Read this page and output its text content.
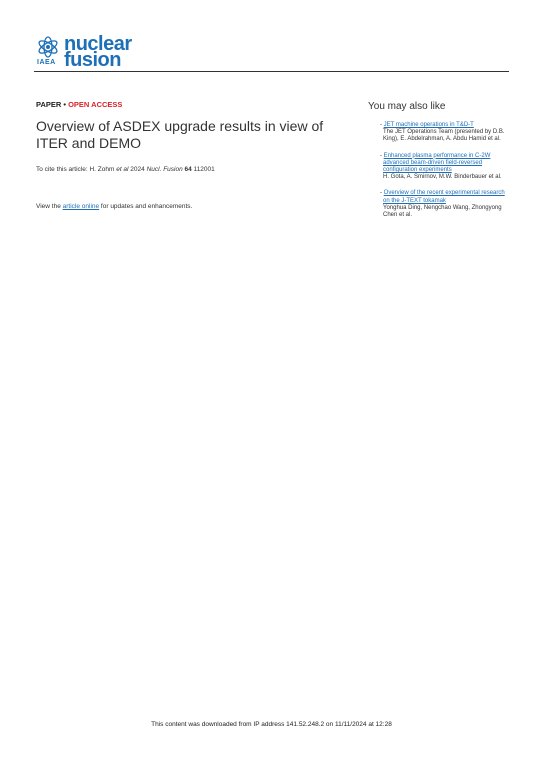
IAEA
nuclear
fusion
PAPER • OPEN ACCESS
Overview of ASDEX upgrade results in view of ITER and DEMO
To cite this article: H. Zohm et al 2024 Nucl. Fusion 64 112001
View the article online for updates and enhancements.
You may also like
- JET machine operations in T&D-T
The JET Operations Team (presented by D.B. King), E. Abdelrahman, A. Abdu Hamid et al.
- Enhanced plasma performance in C-2W advanced beam-driven field-reversed configuration experiments
H. Gota, A. Smirnov, M.W. Binderbauer et al.
- Overview of the recent experimental research on the J-TEXT tokamak
Yonghua Ding, Nengchao Wang, Zhongyong Chen et al.
This content was downloaded from IP address 141.52.248.2 on 11/11/2024 at 12:28
